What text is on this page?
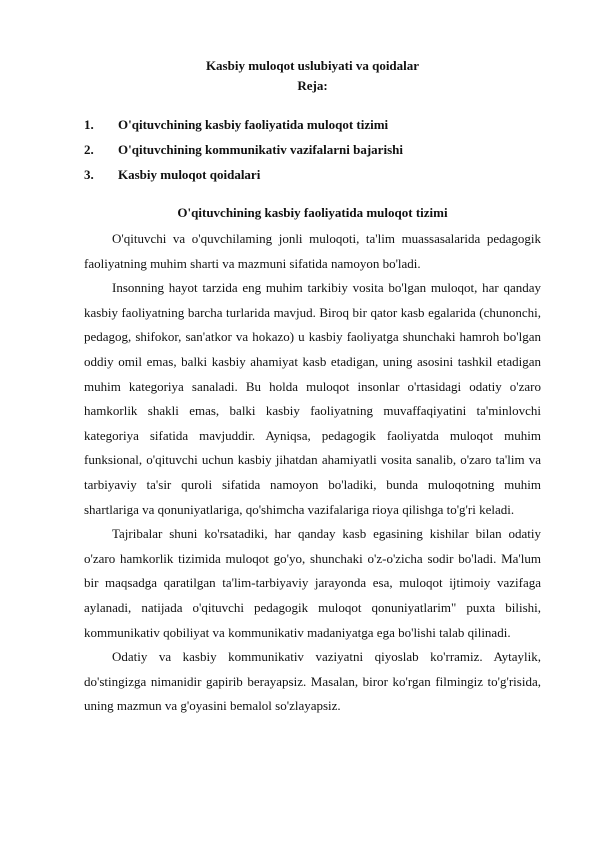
Kasbiy muloqot uslubiyati va qoidalar
Reja:
1.	O'qituvchining kasbiy faoliyatida muloqot tizimi
2.	O'qituvchining kommunikativ vazifalarni bajarishi
3.	Kasbiy muloqot qoidalari
O'qituvchining kasbiy faoliyatida muloqot tizimi

O'qituvchi va o'quvchilaming jonli muloqoti, ta'lim muassasalarida pedagogik faoliyatning muhim sharti va mazmuni sifatida namoyon bo'ladi.

Insonning hayot tarzida eng muhim tarkibiy vosita bo'lgan muloqot, har qanday kasbiy faoliyatning barcha turlarida mavjud. Biroq bir qator kasb egalarida (chunonchi, pedagog, shifokor, san'atkor va hokazo) u kasbiy faoliyatga shunchaki hamroh bo'lgan oddiy omil emas, balki kasbiy ahamiyat kasb etadigan, uning asosini tashkil etadigan muhim kategoriya sanaladi. Bu holda muloqot insonlar o'rtasidagi odatiy o'zaro hamkorlik shakli emas, balki kasbiy faoliyatning muvaffaqiyatini ta'minlovchi kategoriya sifatida mavjuddir. Ayniqsa, pedagogik faoliyatda muloqot muhim funksional, o'qituvchi uchun kasbiy jihatdan ahamiyatli vosita sanalib, o'zaro ta'lim va tarbiyaviy ta'sir quroli sifatida namoyon bo'ladiki, bunda muloqotning muhim shartlariga va qonuniyatlariga, qo'shimcha vazifalariga rioya qilishga to'g'ri keladi.

Tajribalar shuni ko'rsatadiki, har qanday kasb egasining kishilar bilan odatiy o'zaro hamkorlik tizimida muloqot go'yo, shunchaki o'z-o'zicha sodir bo'ladi. Ma'lum bir maqsadga qaratilgan ta'lim-tarbiyaviy jarayonda esa, muloqot ijtimoiy vazifaga aylanadi, natijada o'qituvchi pedagogik muloqot qonuniyatlarim" puxta bilishi, kommunikativ qobiliyat va kommunikativ madaniyatga ega bo'lishi talab qilinadi.

Odatiy va kasbiy kommunikativ vaziyatni qiyoslab ko'rramiz. Aytaylik, do'stingizga nimanidir gapirib berayapsiz. Masalan, biror ko'rgan filmingiz to'g'risida, uning mazmun va g'oyasini bemalol so'zlayapsiz.
